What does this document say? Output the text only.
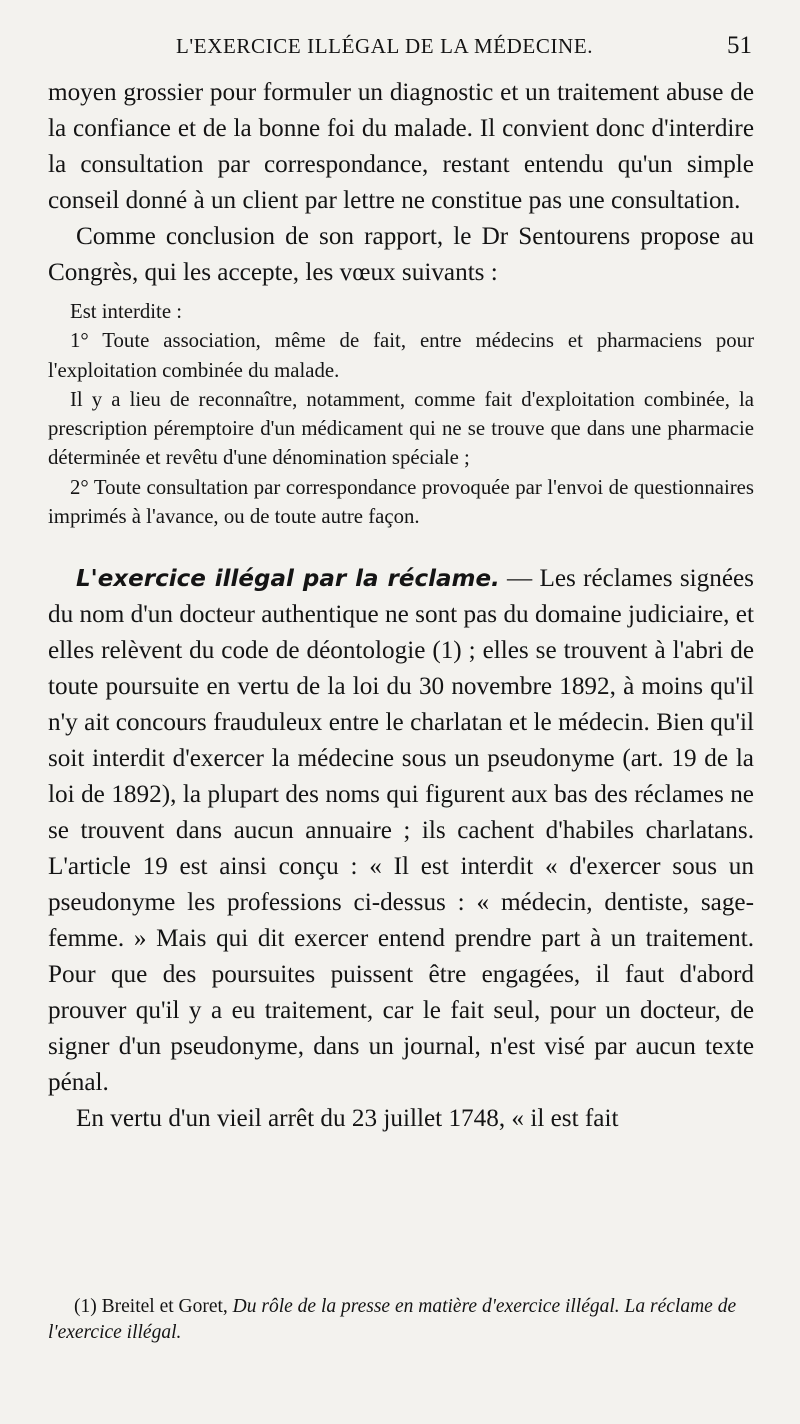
L'EXERCICE ILLÉGAL DE LA MÉDECINE.	51

moyen grossier pour formuler un diagnostic et un traitement abuse de la confiance et de la bonne foi du malade. Il convient donc d'interdire la consultation par correspondance, restant entendu qu'un simple conseil donné à un client par lettre ne constitue pas une consultation.

Comme conclusion de son rapport, le Dr Sentourens propose au Congrès, qui les accepte, les vœux suivants :

Est interdite :

1° Toute association, même de fait, entre médecins et pharmaciens pour l'exploitation combinée du malade.

Il y a lieu de reconnaître, notamment, comme fait d'exploitation combinée, la prescription péremptoire d'un médicament qui ne se trouve que dans une pharmacie déterminée et revêtu d'une dénomination spéciale ;

2° Toute consultation par correspondance provoquée par l'envoi de questionnaires imprimés à l'avance, ou de toute autre façon.

L'exercice illégal par la réclame. — Les réclames signées du nom d'un docteur authentique ne sont pas du domaine judiciaire, et elles relèvent du code de déontologie (1) ; elles se trouvent à l'abri de toute poursuite en vertu de la loi du 30 novembre 1892, à moins qu'il n'y ait concours frauduleux entre le charlatan et le médecin. Bien qu'il soit interdit d'exercer la médecine sous un pseudonyme (art. 19 de la loi de 1892), la plupart des noms qui figurent aux bas des réclames ne se trouvent dans aucun annuaire ; ils cachent d'habiles charlatans. L'article 19 est ainsi conçu : « Il est interdit « d'exercer sous un pseudonyme les professions ci-dessus : « médecin, dentiste, sage-femme. » Mais qui dit exercer entend prendre part à un traitement. Pour que des poursuites puissent être engagées, il faut d'abord prouver qu'il y a eu traitement, car le fait seul, pour un docteur, de signer d'un pseudonyme, dans un journal, n'est visé par aucun texte pénal.

En vertu d'un vieil arrêt du 23 juillet 1748, « il est fait

(1) Breitel et Goret, Du rôle de la presse en matière d'exercice illégal. La réclame de l'exercice illégal.
